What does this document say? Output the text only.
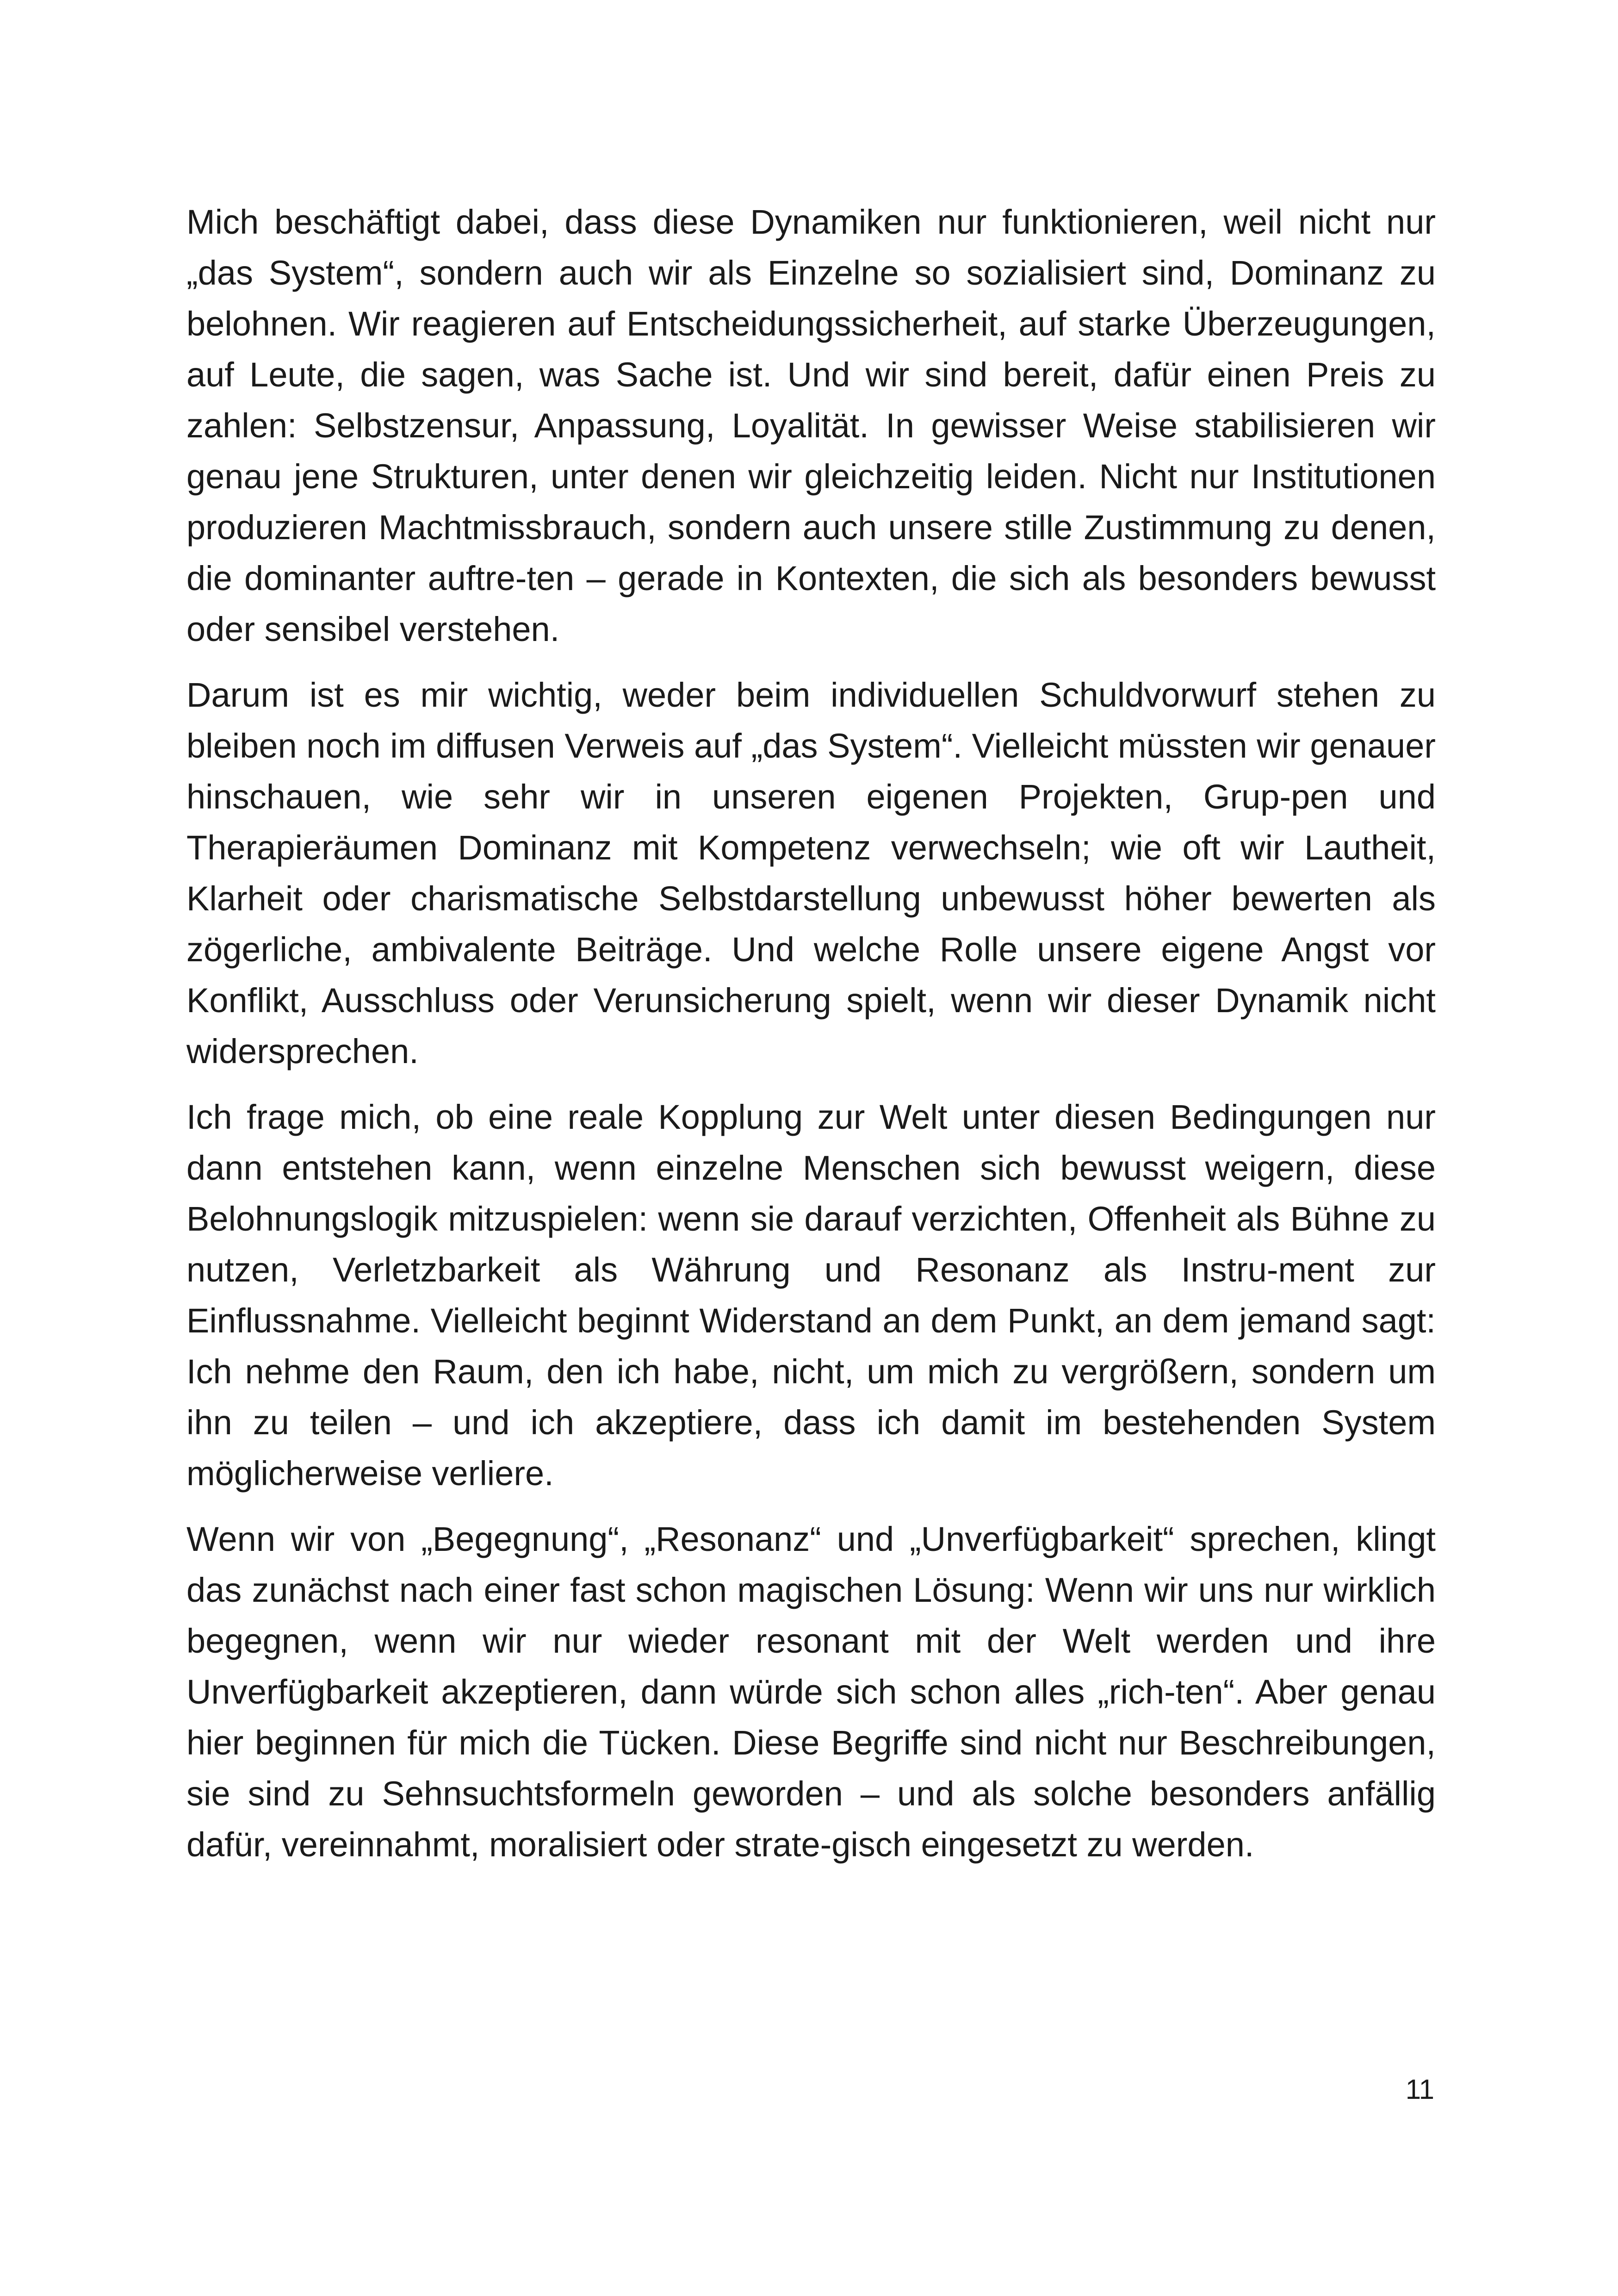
Mich beschäftigt dabei, dass diese Dynamiken nur funktionieren, weil nicht nur „das System“, sondern auch wir als Einzelne so sozialisiert sind, Dominanz zu belohnen. Wir reagieren auf Entscheidungssicherheit, auf starke Überzeugungen, auf Leute, die sagen, was Sache ist. Und wir sind bereit, dafür einen Preis zu zahlen: Selbstzensur, Anpassung, Loyalität. In gewisser Weise stabilisieren wir genau jene Strukturen, unter denen wir gleichzeitig leiden. Nicht nur Institutionen produzieren Machtmissbrauch, sondern auch unsere stille Zustimmung zu denen, die dominanter auftre-ten – gerade in Kontexten, die sich als besonders bewusst oder sensibel verstehen.

Darum ist es mir wichtig, weder beim individuellen Schuldvorwurf stehen zu bleiben noch im diffusen Verweis auf „das System“. Vielleicht müssten wir genauer hinschauen, wie sehr wir in unseren eigenen Projekten, Grup-pen und Therapieräumen Dominanz mit Kompetenz verwechseln; wie oft wir Lautheit, Klarheit oder charismatische Selbstdarstellung unbewusst höher bewerten als zögerliche, ambivalente Beiträge. Und welche Rolle unsere eigene Angst vor Konflikt, Ausschluss oder Verunsicherung spielt, wenn wir dieser Dynamik nicht widersprechen.

Ich frage mich, ob eine reale Kopplung zur Welt unter diesen Bedingungen nur dann entstehen kann, wenn einzelne Menschen sich bewusst weigern, diese Belohnungslogik mitzuspielen: wenn sie darauf verzichten, Offenheit als Bühne zu nutzen, Verletzbarkeit als Währung und Resonanz als Instru-ment zur Einflussnahme. Vielleicht beginnt Widerstand an dem Punkt, an dem jemand sagt: Ich nehme den Raum, den ich habe, nicht, um mich zu vergrößern, sondern um ihn zu teilen – und ich akzeptiere, dass ich damit im bestehenden System möglicherweise verliere.

Wenn wir von „Begegnung“, „Resonanz“ und „Unverfügbarkeit“ sprechen, klingt das zunächst nach einer fast schon magischen Lösung: Wenn wir uns nur wirklich begegnen, wenn wir nur wieder resonant mit der Welt werden und ihre Unverfügbarkeit akzeptieren, dann würde sich schon alles „rich-ten“. Aber genau hier beginnen für mich die Tücken. Diese Begriffe sind nicht nur Beschreibungen, sie sind zu Sehnsuchtsformeln geworden – und als solche besonders anfällig dafür, vereinnahmt, moralisiert oder strate-gisch eingesetzt zu werden.

11
